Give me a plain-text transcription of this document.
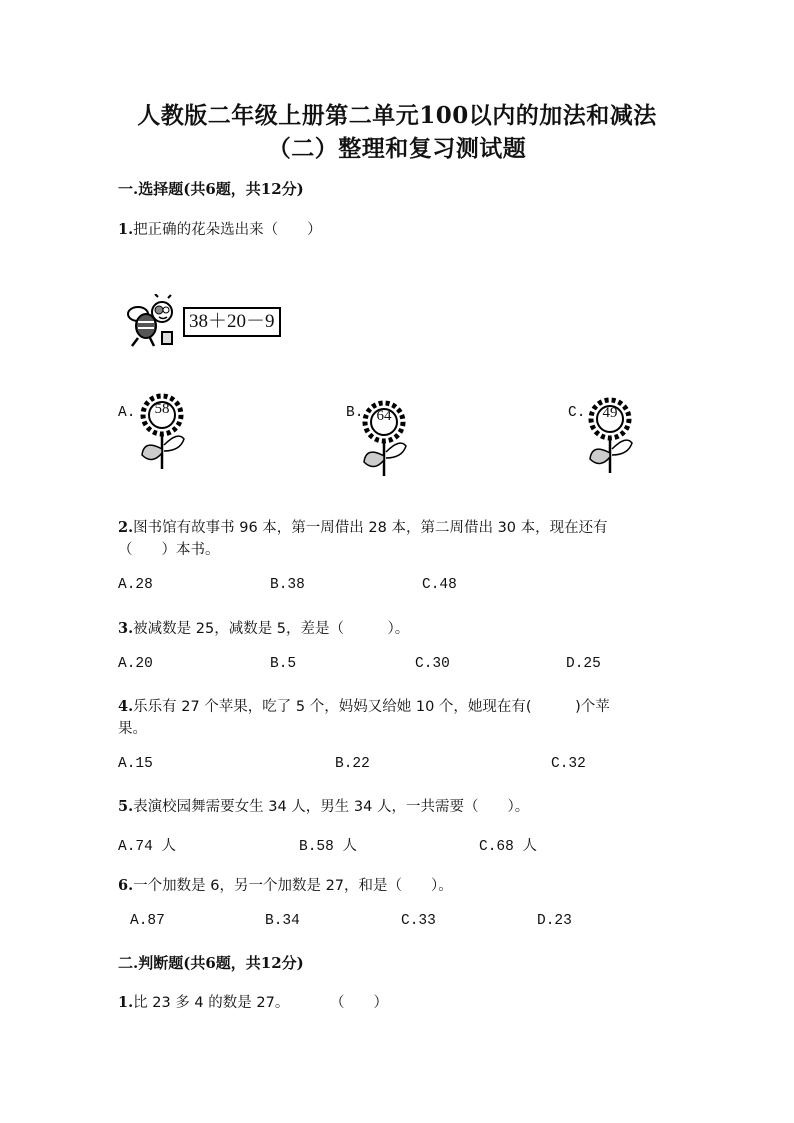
人教版二年级上册第二单元100以内的加法和减法
（二）整理和复习测试题
一.选择题(共6题，共12分)
1.把正确的花朵选出来（　　）
38＋20－9
A.	58	B. 64	C.	49
2.图书馆有故事书 96 本，第一周借出 28 本，第二周借出 30 本，现在还有
（　　）本书。
A.28	B.38	C.48
3.被减数是 25，减数是 5，差是（　　　）。
A.20	B.5	C.30	D.25
4.乐乐有 27 个苹果，吃了 5 个，妈妈又给她 10 个，她现在有(　　　)个苹
果。
A.15	B.22	C.32
5.表演校园舞需要女生 34 人，男生 34 人，一共需要（　　）。
A.74 人	B.58 人	C.68 人
6.一个加数是 6，另一个加数是 27，和是（　　）。
A.87	B.34	C.33	D.23
二.判断题(共6题，共12分)
1.比 23 多 4 的数是 27。	（　　）
